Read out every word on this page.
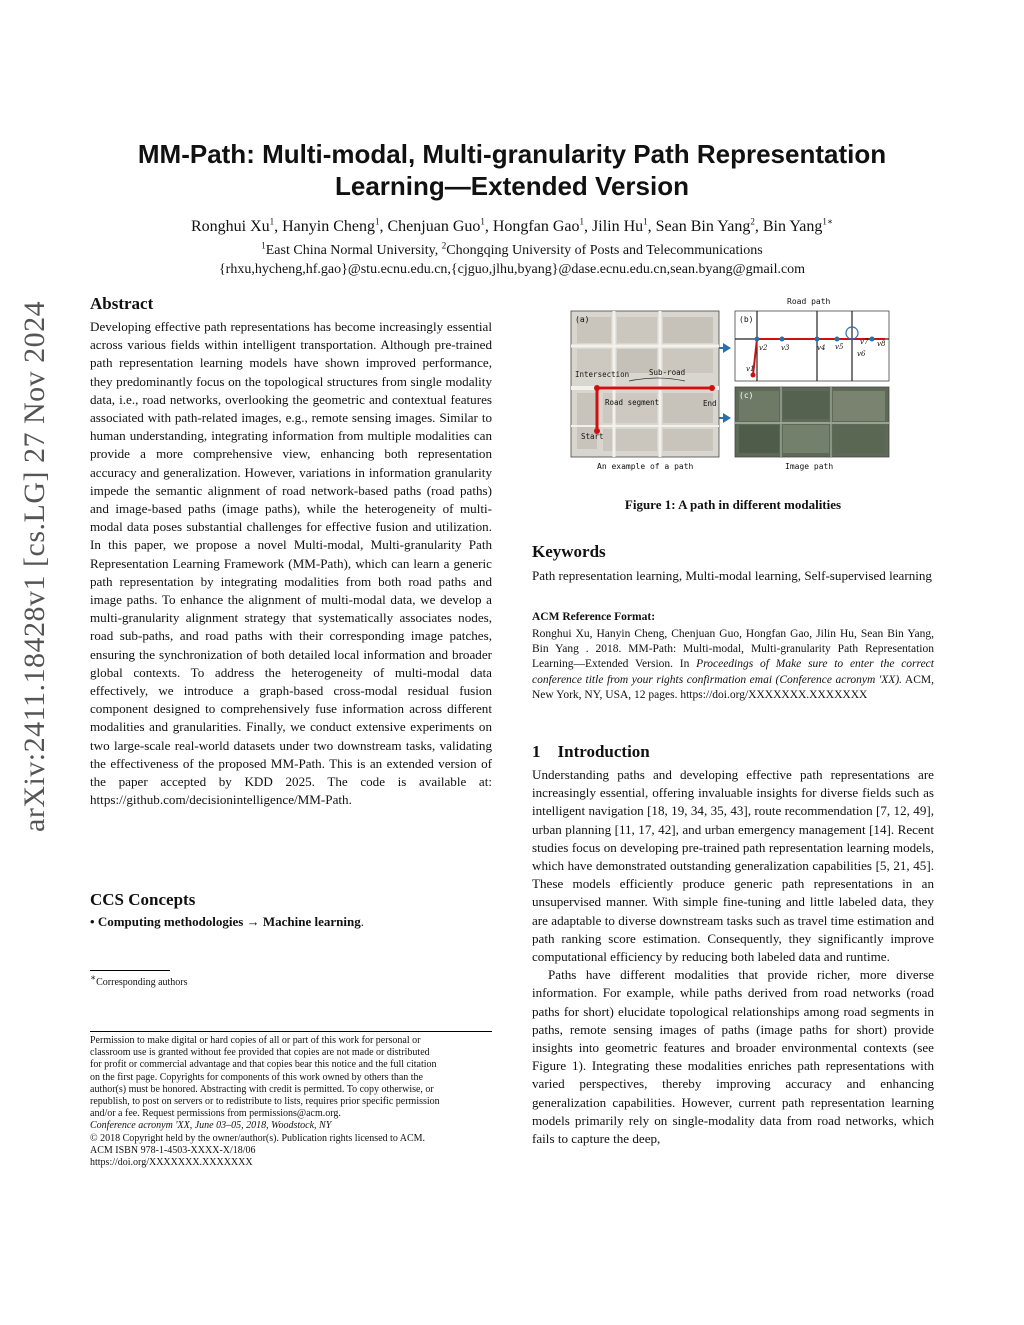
arXiv:2411.18428v1 [cs.LG] 27 Nov 2024
MM-Path: Multi-modal, Multi-granularity Path Representation
Learning—Extended Version
Ronghui Xu$^1$, Hanyin Cheng$^1$, Chenjuan Guo$^1$, Hongfan Gao$^1$, Jilin Hu$^1$, Sean Bin Yang$^2$, Bin Yang$^{1∗}$
$^1$East China Normal University, $^2$Chongqing University of Posts and Telecommunications
{rhxu,hycheng,hf.gao}@stu.ecnu.edu.cn,{cjguo,jlhu,byang}@dase.ecnu.edu.cn,sean.byang@gmail.com
Abstract
Developing effective path representations has become increasingly essential across various fields within intelligent transportation. Although pre-trained path representation learning models have shown improved performance, they predominantly focus on the topological structures from single modality data, i.e., road networks, overlooking the geometric and contextual features associated with path-related images, e.g., remote sensing images. Similar to human understanding, integrating information from multiple modalities can provide a more comprehensive view, enhancing both representation accuracy and generalization. However, variations in information granularity impede the semantic alignment of road network-based paths (road paths) and image-based paths (image paths), while the heterogeneity of multi-modal data poses substantial challenges for effective fusion and utilization. In this paper, we propose a novel Multi-modal, Multi-granularity Path Representation Learning Framework (MM-Path), which can learn a generic path representation by integrating modalities from both road paths and image paths. To enhance the alignment of multi-modal data, we develop a multi-granularity alignment strategy that systematically associates nodes, road sub-paths, and road paths with their corresponding image patches, ensuring the synchronization of both detailed local information and broader global contexts. To address the heterogeneity of multi-modal data effectively, we introduce a graph-based cross-modal residual fusion component designed to comprehensively fuse information across different modalities and granularities. Finally, we conduct extensive experiments on two large-scale real-world datasets under two downstream tasks, validating the effectiveness of the proposed MM-Path. This is an extended version of the paper accepted by KDD 2025. The code is available at: https://github.com/decisionintelligence/MM-Path.
CCS Concepts
• Computing methodologies → Machine learning.
∗Corresponding authors
Permission to make digital or hard copies of all or part of this work for personal or
classroom use is granted without fee provided that copies are not made or distributed
for profit or commercial advantage and that copies bear this notice and the full citation
on the first page. Copyrights for components of this work owned by others than the
author(s) must be honored. Abstracting with credit is permitted. To copy otherwise, or
republish, to post on servers or to redistribute to lists, requires prior specific permission
and/or a fee. Request permissions from permissions@acm.org.
Conference acronym 'XX, June 03–05, 2018, Woodstock, NY
© 2018 Copyright held by the owner/author(s). Publication rights licensed to ACM.
ACM ISBN 978-1-4503-XXXX-X/18/06
https://doi.org/XXXXXXX.XXXXXXX
(a)
Intersection	Sub-road
Road segment	End
Start
An example of a path
Road path
(b)
v1
v2 v3	v4 v5
v6
v7 v8
(c)
Image path
Figure 1: A path in different modalities
Keywords
Path representation learning, Multi-modal learning, Self-supervised learning
ACM Reference Format:
Ronghui Xu, Hanyin Cheng, Chenjuan Guo, Hongfan Gao, Jilin Hu, Sean Bin Yang, Bin Yang . 2018. MM-Path: Multi-modal, Multi-granularity Path Representation Learning—Extended Version. In Proceedings of Make sure to enter the correct conference title from your rights confirmation emai (Conference acronym 'XX). ACM, New York, NY, USA, 12 pages. https://doi.org/XXXXXXX.XXXXXXX
1    Introduction
Understanding paths and developing effective path representations are increasingly essential, offering invaluable insights for diverse fields such as intelligent navigation [18, 19, 34, 35, 43], route recommendation [7, 12, 49], urban planning [11, 17, 42], and urban emergency management [14]. Recent studies focus on developing pre-trained path representation learning models, which have demonstrated outstanding generalization capabilities [5, 21, 45]. These models efficiently produce generic path representations in an unsupervised manner. With simple fine-tuning and little labeled data, they are adaptable to diverse downstream tasks such as travel time estimation and path ranking score estimation. Consequently, they significantly improve computational efficiency by reducing both labeled data and runtime.
Paths have different modalities that provide richer, more diverse information. For example, while paths derived from road networks (road paths for short) elucidate topological relationships among road segments in paths, remote sensing images of paths (image paths for short) provide insights into geometric features and broader environmental contexts (see Figure 1). Integrating these modalities enriches path representations with varied perspectives, thereby improving accuracy and enhancing generalization capabilities. However, current path representation learning models primarily rely on single-modality data from road networks, which fails to capture the deep,
